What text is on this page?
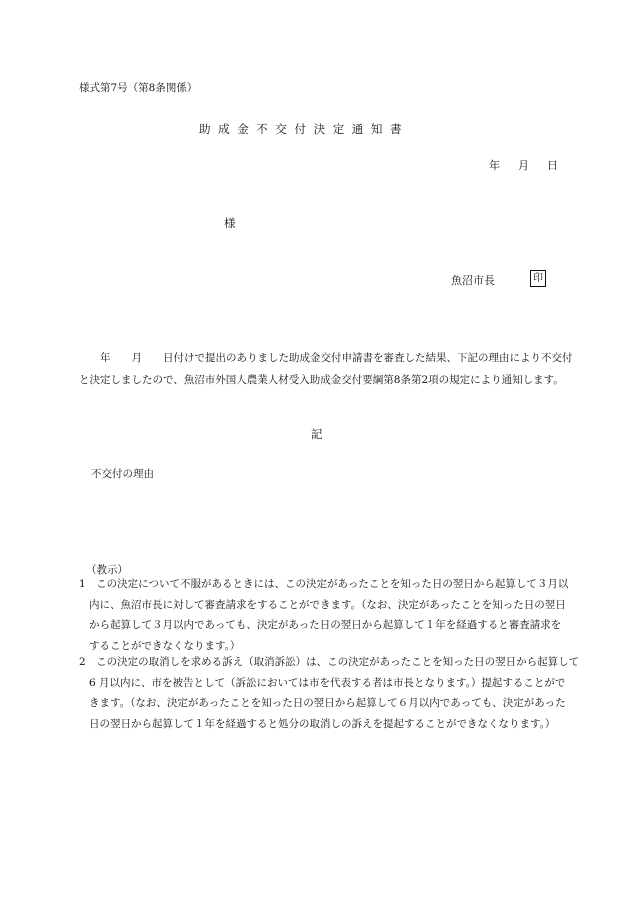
様式第7号（第8条関係）
助成金不交付決定通知書
年 月 日
様
魚沼市長	印

　　年　　月　　日付けで提出のありました助成金交付申請書を審査した結果、下記の理由により不交付
と決定しましたので、魚沼市外国人農業人材受入助成金交付要綱第8条第2項の規定により通知します。

記
不交付の理由
（教示）
1　この決定について不服があるときには、この決定があったことを知った日の翌日から起算して３月以
内に、魚沼市長に対して審査請求をすることができます。（なお、決定があったことを知った日の翌日
から起算して３月以内であっても、決定があった日の翌日から起算して１年を経過すると審査請求を
することができなくなります。）
2　この決定の取消しを求める訴え（取消訴訟）は、この決定があったことを知った日の翌日から起算して
6 月以内に、市を被告として（訴訟においては市を代表する者は市長となります。）提起することがで
きます。（なお、決定があったことを知った日の翌日から起算して６月以内であっても、決定があった
日の翌日から起算して１年を経過すると処分の取消しの訴えを提起することができなくなります。）
